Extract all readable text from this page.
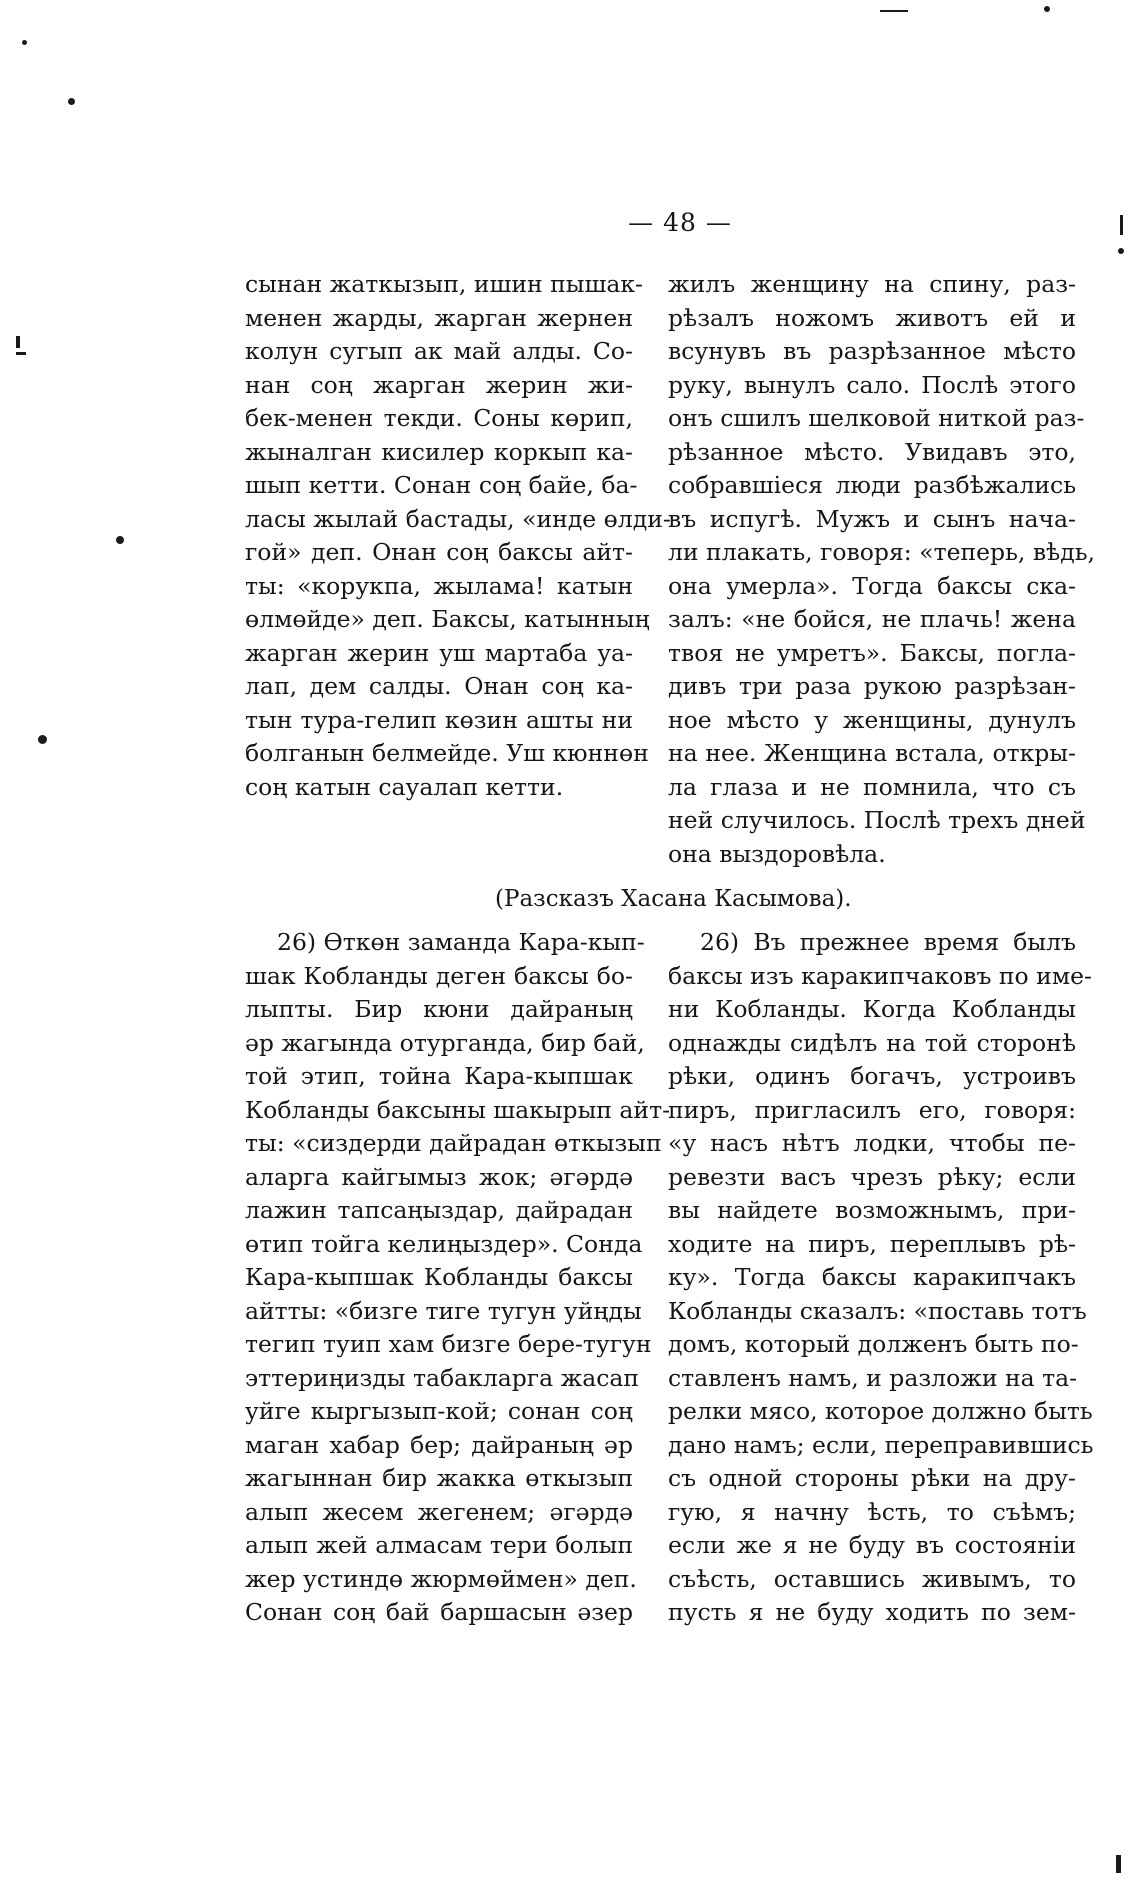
— 48 —
сынан жаткызып, ишин пышак-
менен жарды, жарган жернен
колун сугып ак май алды. Со-
нан соң жарган жерин жи-
бек-менен текди. Соны көрип,
жыналган кисилер коркып ка-
шып кетти. Сонан соң байе, ба-
ласы жылай бастады, «инде өлди-
гой» деп. Онан соң баксы айт-
ты: «корукпа, жылама! катын
өлмөйде» деп. Баксы, катынның
жарган жерин уш мартаба уа-
лап, дем салды. Онан соң ка-
тын тура-гелип көзин ашты ни
болганын белмейде. Уш кюннөн
соң катын сауалап кетти.
жилъ женщину на спину, раз-
рѣзалъ ножомъ животъ ей и
всунувъ въ разрѣзанное мѣсто
руку, вынулъ сало. Послѣ этого
онъ сшилъ шелковой ниткой раз-
рѣзанное мѣсто. Увидавъ это,
собравшiеся люди разбѣжались
въ испугѣ. Мужъ и сынъ нача-
ли плакать, говоря: «теперь, вѣдь,
она умерла». Тогда баксы ска-
залъ: «не бойся, не плачь! жена
твоя не умретъ». Баксы, погла-
дивъ три раза рукою разрѣзан-
ное мѣсто у женщины, дунулъ
на нее. Женщина встала, откры-
ла глаза и не помнила, что съ
ней случилось. Послѣ трехъ дней
она выздоровѣла.
(Разсказъ Хасана Касымова).
26) Өткөн заманда Кара-кып-
шак Кобланды деген баксы бо-
лыпты. Бир кюни дайраның
әр жагында отурганда, бир бай,
той этип, тойна Кара-кыпшак
Кобланды баксыны шакырып айт-
ты: «сиздерди дайрадан өткызып
аларга кайгымыз жок; әгәрдә
лажин тапсаңыздар, дайрадан
өтип тойга келиңыздер». Сонда
Кара-кыпшак Кобланды баксы
айтты: «бизге тиге тугун уйңды
тегип туип хам бизге бере-тугун
эттериңизды табакларга жасап
уйге кыргызып-кой; сонан соң
маган хабар бер; дайраның әр
жагыннан бир жакка өткызып
алып жесем жегенем; әгәрдә
алып жей алмасам тери болып
жер устиндө жюрмөймен» деп.
Сонан соң бай баршасын әзер
26) Въ прежнее время былъ
баксы изъ каракипчаковъ по име-
ни Кобланды. Когда Кобланды
однажды сидѣлъ на той сторонѣ
рѣки, одинъ богачъ, устроивъ
пиръ, пригласилъ его, говоря:
«у насъ нѣтъ лодки, чтобы пе-
ревезти васъ чрезъ рѣку; если
вы найдете возможнымъ, при-
ходите на пиръ, переплывъ рѣ-
ку». Тогда баксы каракипчакъ
Кобланды сказалъ: «поставь тотъ
домъ, который долженъ быть по-
ставленъ намъ, и разложи на та-
релки мясо, которое должно быть
дано намъ; если, переправившись
съ одной стороны рѣки на дру-
гую, я начну ѣсть, то съѣмъ;
если же я не буду въ состоянiи
съѣсть, оставшись живымъ, то
пусть я не буду ходить по зем-
